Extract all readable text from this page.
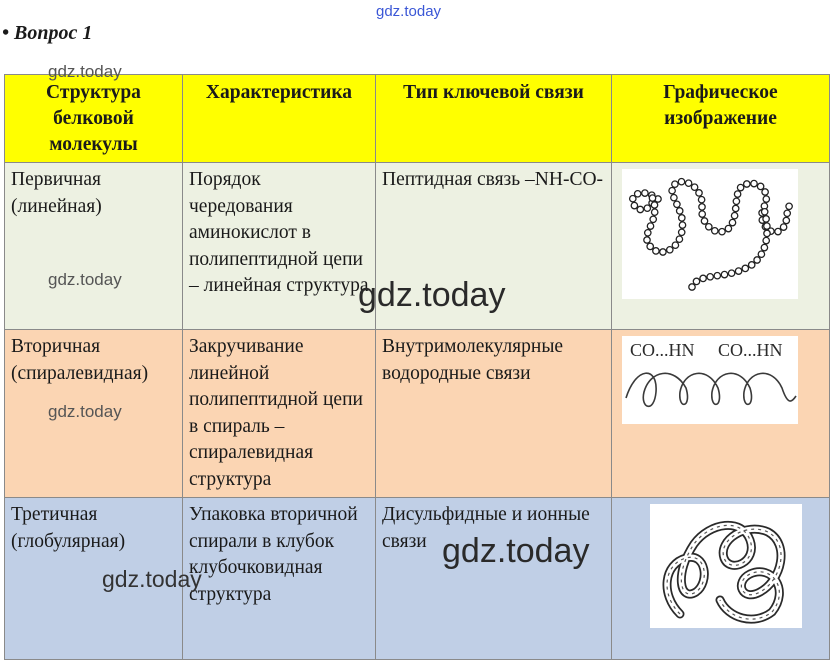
gdz.today
• Вопрос 1
Структура белковой молекулы	Характеристика	Тип ключевой связи	Графическое изображение
Первичная (линейная)	Порядок чередования аминокислот в полипептидной цепи – линейная структура	Пептидная связь –NH-CO-	

Вторичная (спиралевидная)	Закручивание линейной полипептидной цепи в спираль – спиралевидная структура	Внутримолекулярные водородные связи	CO...HN CO...HN

Третичная (глобулярная)	Упаковка вторичной спирали в клубок клубочковидная структура	Дисульфидные и ионные связи	
gdz.today
gdz.today	gdz.today
gdz.today
gdz.today
gdz.today
